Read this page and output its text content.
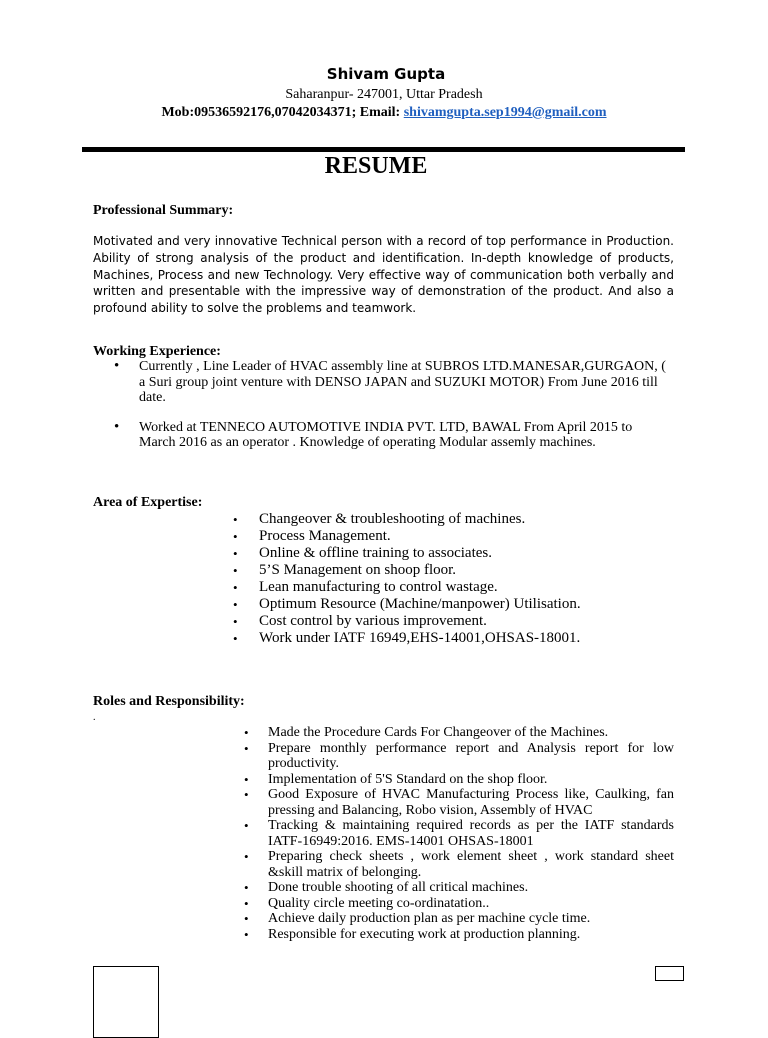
Shivam Gupta
Saharanpur- 247001, Uttar Pradesh
Mob:09536592176,07042034371; Email: shivamgupta.sep1994@gmail.com
RESUME
Professional Summary:
Motivated and very innovative Technical person with a record of top performance in Production. Ability of strong analysis of the product and identification. In-depth knowledge of products, Machines, Process and new Technology. Very effective way of communication both verbally and written and presentable with the impressive way of demonstration of the product. And also a profound ability to solve the problems and teamwork.
Working Experience:
• Currently , Line Leader of HVAC assembly line at SUBROS LTD.MANESAR,GURGAON, ( a Suri group joint venture with DENSO JAPAN and SUZUKI MOTOR) From June 2016 till date.
• Worked at TENNECO AUTOMOTIVE INDIA PVT. LTD, BAWAL From April 2015 to March 2016 as an operator . Knowledge of operating Modular assemly machines.
Area of Expertise:
• Changeover & troubleshooting of machines.
• Process Management.
• Online & offline training to associates.
• 5’S Management on shoop floor.
• Lean manufacturing to control wastage.
• Optimum Resource (Machine/manpower) Utilisation.
• Cost control by various improvement.
• Work under IATF 16949,EHS-14001,OHSAS-18001.
Roles and Responsibility:
.
• Made the Procedure Cards For Changeover of the Machines.
• Prepare monthly performance report and Analysis report for low productivity.
• Implementation of 5'S Standard on the shop floor.
• Good Exposure of HVAC Manufacturing Process like, Caulking, fan pressing and Balancing, Robo vision, Assembly of HVAC
• Tracking & maintaining required records as per the IATF standards IATF-16949:2016. EMS-14001 OHSAS-18001
• Preparing check sheets , work element sheet , work standard sheet &skill matrix of belonging.
• Done trouble shooting of all critical machines.
• Quality circle meeting co-ordinatation..
• Achieve daily production plan as per machine cycle time.
• Responsible for executing work at production planning.
